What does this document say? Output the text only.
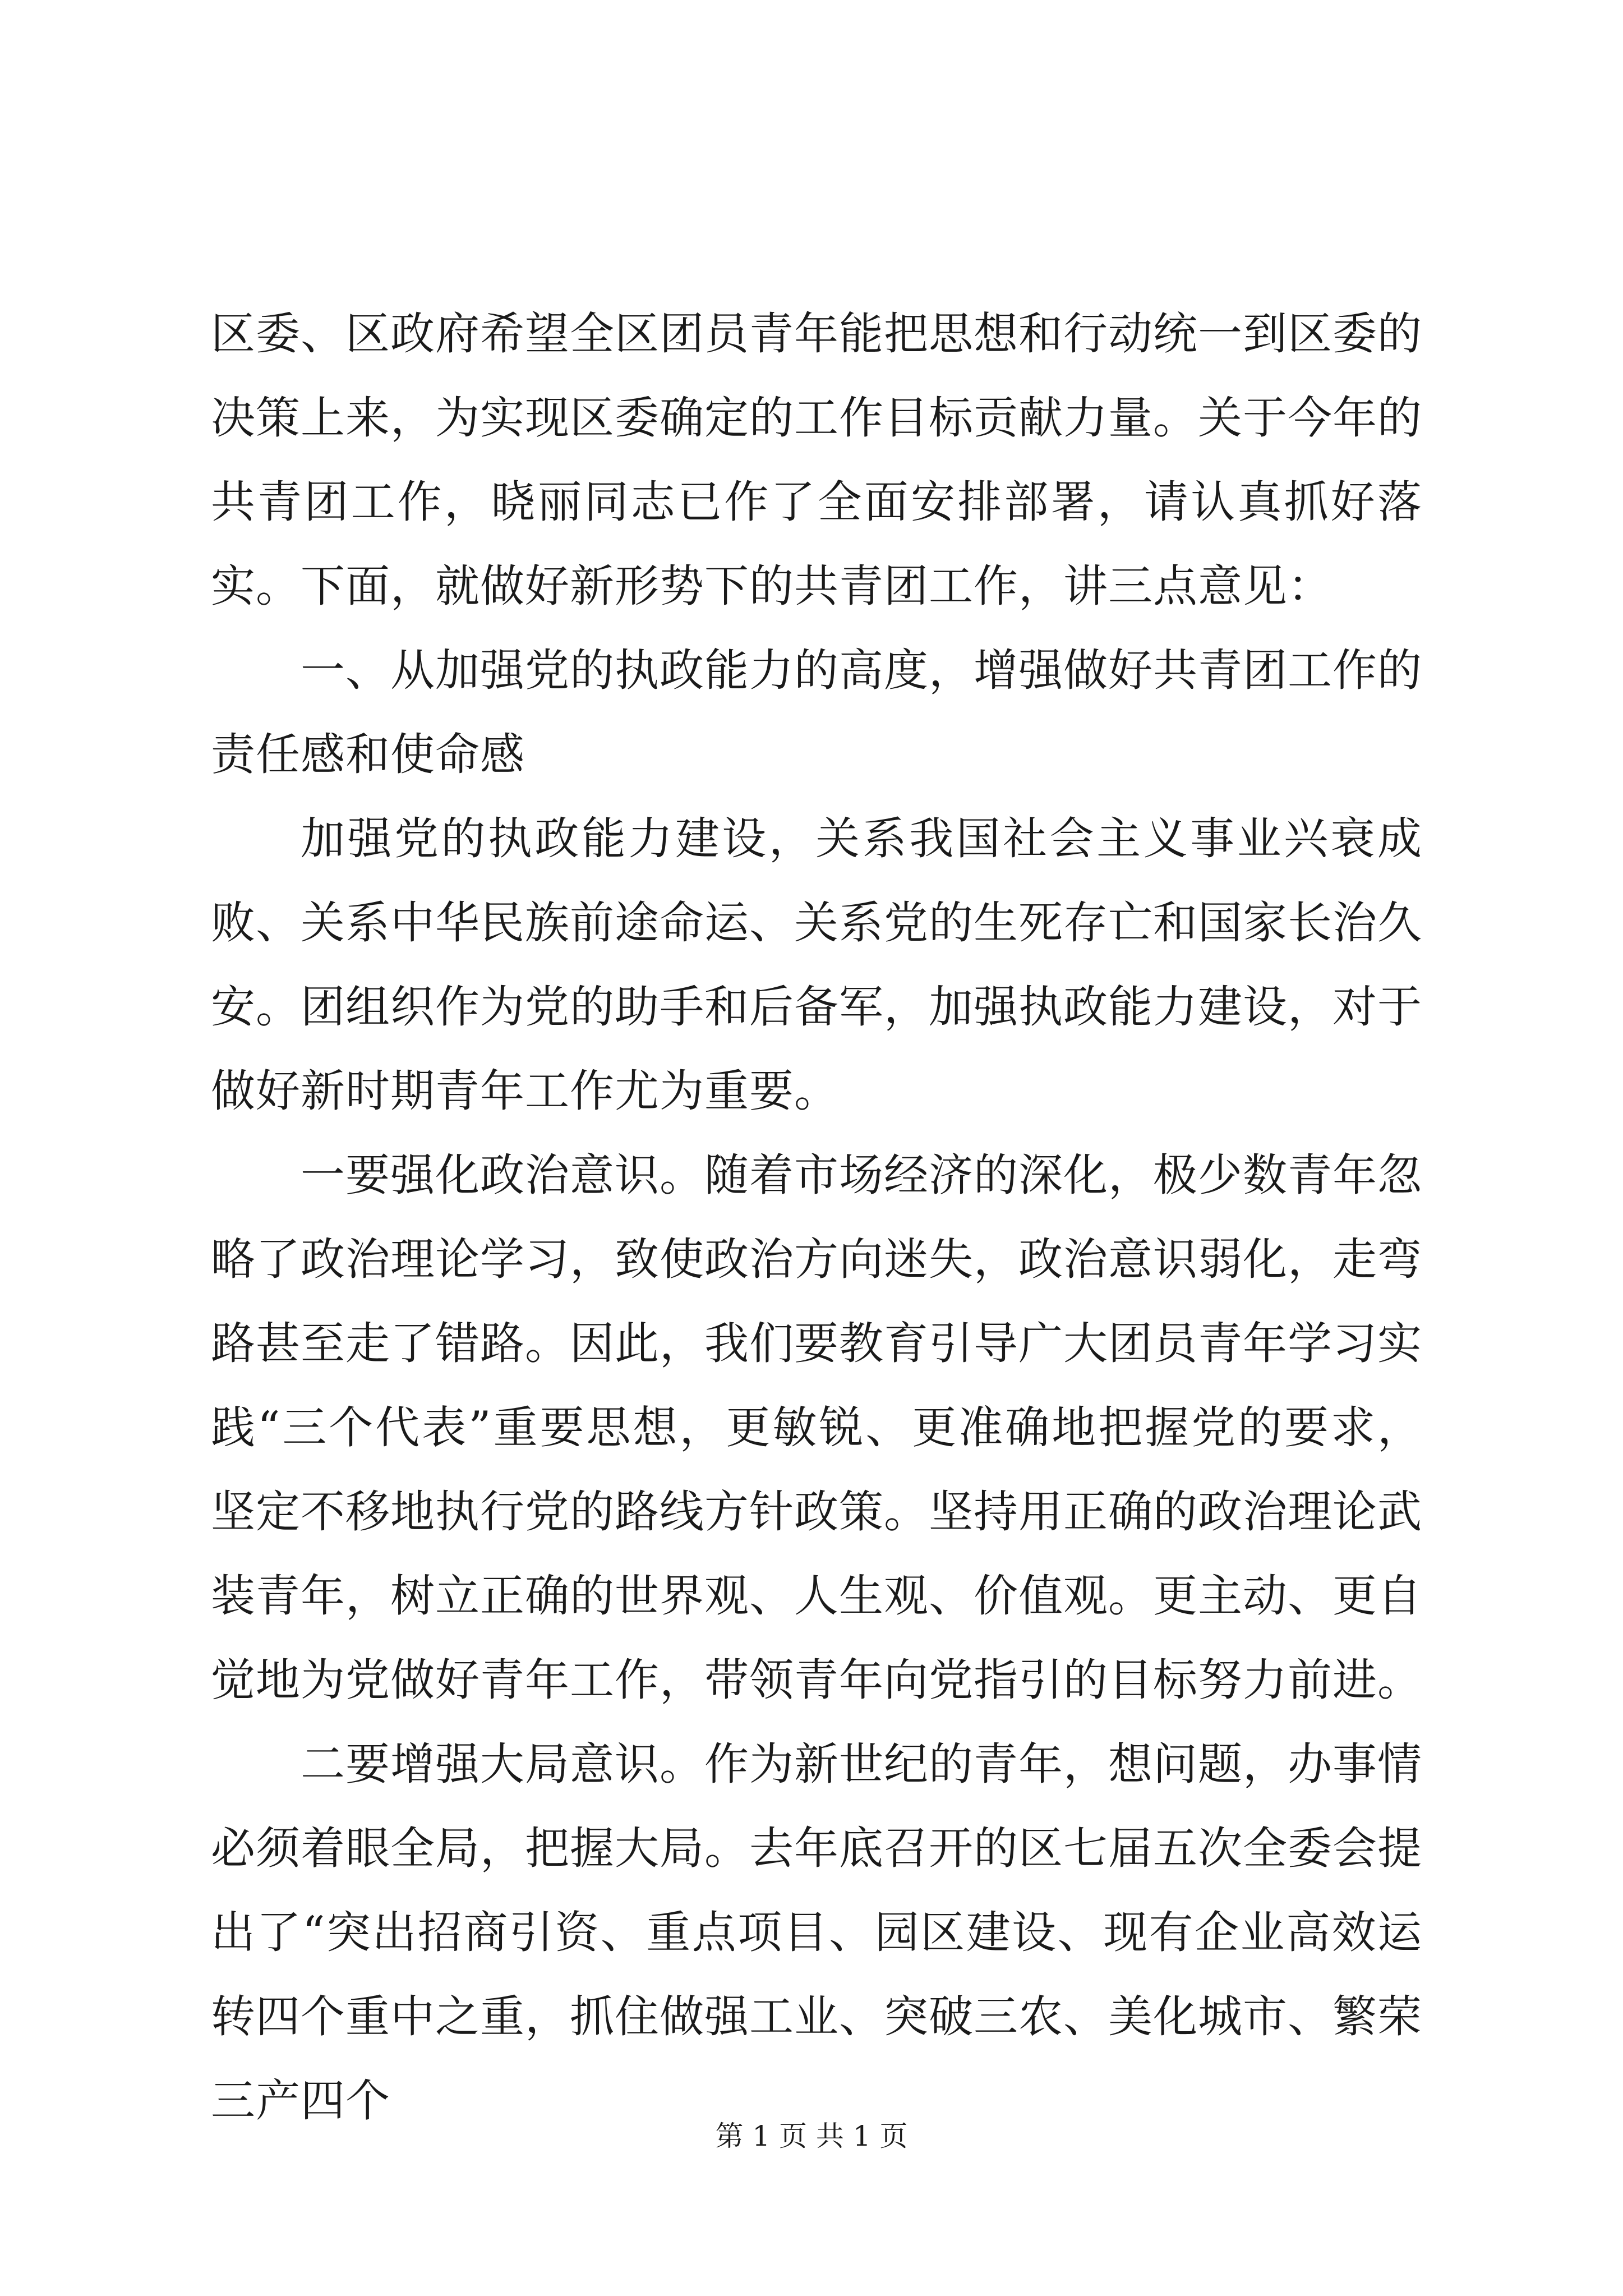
区委、区政府希望全区团员青年能把思想和行动统一到区委的决策上来，为实现区委确定的工作目标贡献力量。关于今年的共青团工作，晓丽同志已作了全面安排部署，请认真抓好落实。下面，就做好新形势下的共青团工作，讲三点意见：

一、从加强党的执政能力的高度，增强做好共青团工作的责任感和使命感

加强党的执政能力建设，关系我国社会主义事业兴衰成败、关系中华民族前途命运、关系党的生死存亡和国家长治久安。团组织作为党的助手和后备军，加强执政能力建设，对于做好新时期青年工作尤为重要。

一要强化政治意识。随着市场经济的深化，极少数青年忽略了政治理论学习，致使政治方向迷失，政治意识弱化，走弯路甚至走了错路。因此，我们要教育引导广大团员青年学习实践“三个代表”重要思想，更敏锐、更准确地把握党的要求，坚定不移地执行党的路线方针政策。坚持用正确的政治理论武装青年，树立正确的世界观、人生观、价值观。更主动、更自觉地为党做好青年工作，带领青年向党指引的目标努力前进。

二要增强大局意识。作为新世纪的青年，想问题，办事情必须着眼全局，把握大局。去年底召开的区七届五次全委会提出了“突出招商引资、重点项目、园区建设、现有企业高效运转四个重中之重，抓住做强工业、突破三农、美化城市、繁荣三产四个

第 1 页 共 1 页
